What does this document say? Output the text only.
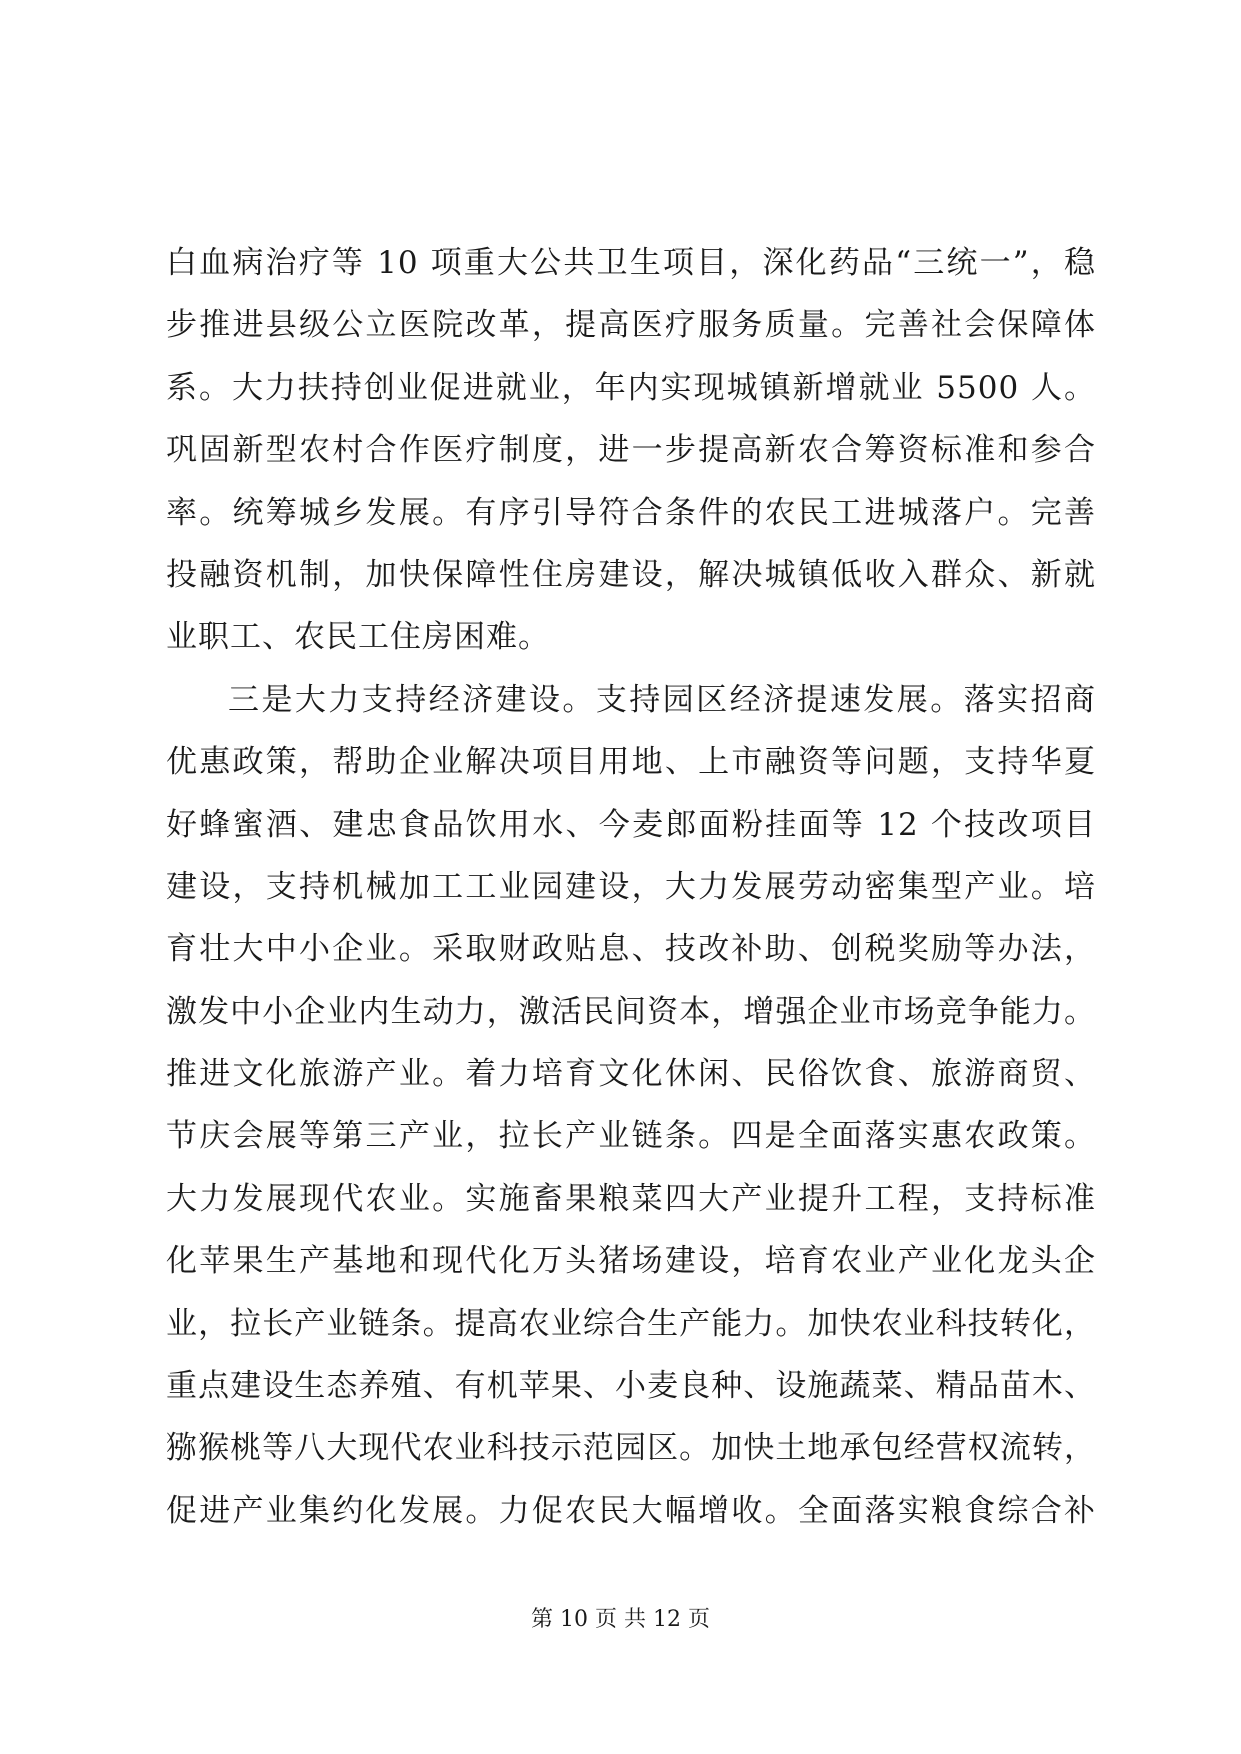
白血病治疗等 10 项重大公共卫生项目，深化药品“三统一”，稳
步推进县级公立医院改革，提高医疗服务质量。完善社会保障体
系。大力扶持创业促进就业，年内实现城镇新增就业 5500 人。
巩固新型农村合作医疗制度，进一步提高新农合筹资标准和参合
率。统筹城乡发展。有序引导符合条件的农民工进城落户。完善
投融资机制，加快保障性住房建设，解决城镇低收入群众、新就
业职工、农民工住房困难。
三是大力支持经济建设。支持园区经济提速发展。落实招商
优惠政策，帮助企业解决项目用地、上市融资等问题，支持华夏
好蜂蜜酒、建忠食品饮用水、今麦郎面粉挂面等 12 个技改项目
建设，支持机械加工工业园建设，大力发展劳动密集型产业。培
育壮大中小企业。采取财政贴息、技改补助、创税奖励等办法，
激发中小企业内生动力，激活民间资本，增强企业市场竞争能力。
推进文化旅游产业。着力培育文化休闲、民俗饮食、旅游商贸、
节庆会展等第三产业，拉长产业链条。四是全面落实惠农政策。
大力发展现代农业。实施畜果粮菜四大产业提升工程，支持标准
化苹果生产基地和现代化万头猪场建设，培育农业产业化龙头企
业，拉长产业链条。提高农业综合生产能力。加快农业科技转化，
重点建设生态养殖、有机苹果、小麦良种、设施蔬菜、精品苗木、
猕猴桃等八大现代农业科技示范园区。加快土地承包经营权流转，
促进产业集约化发展。力促农民大幅增收。全面落实粮食综合补
第 10 页 共 12 页
